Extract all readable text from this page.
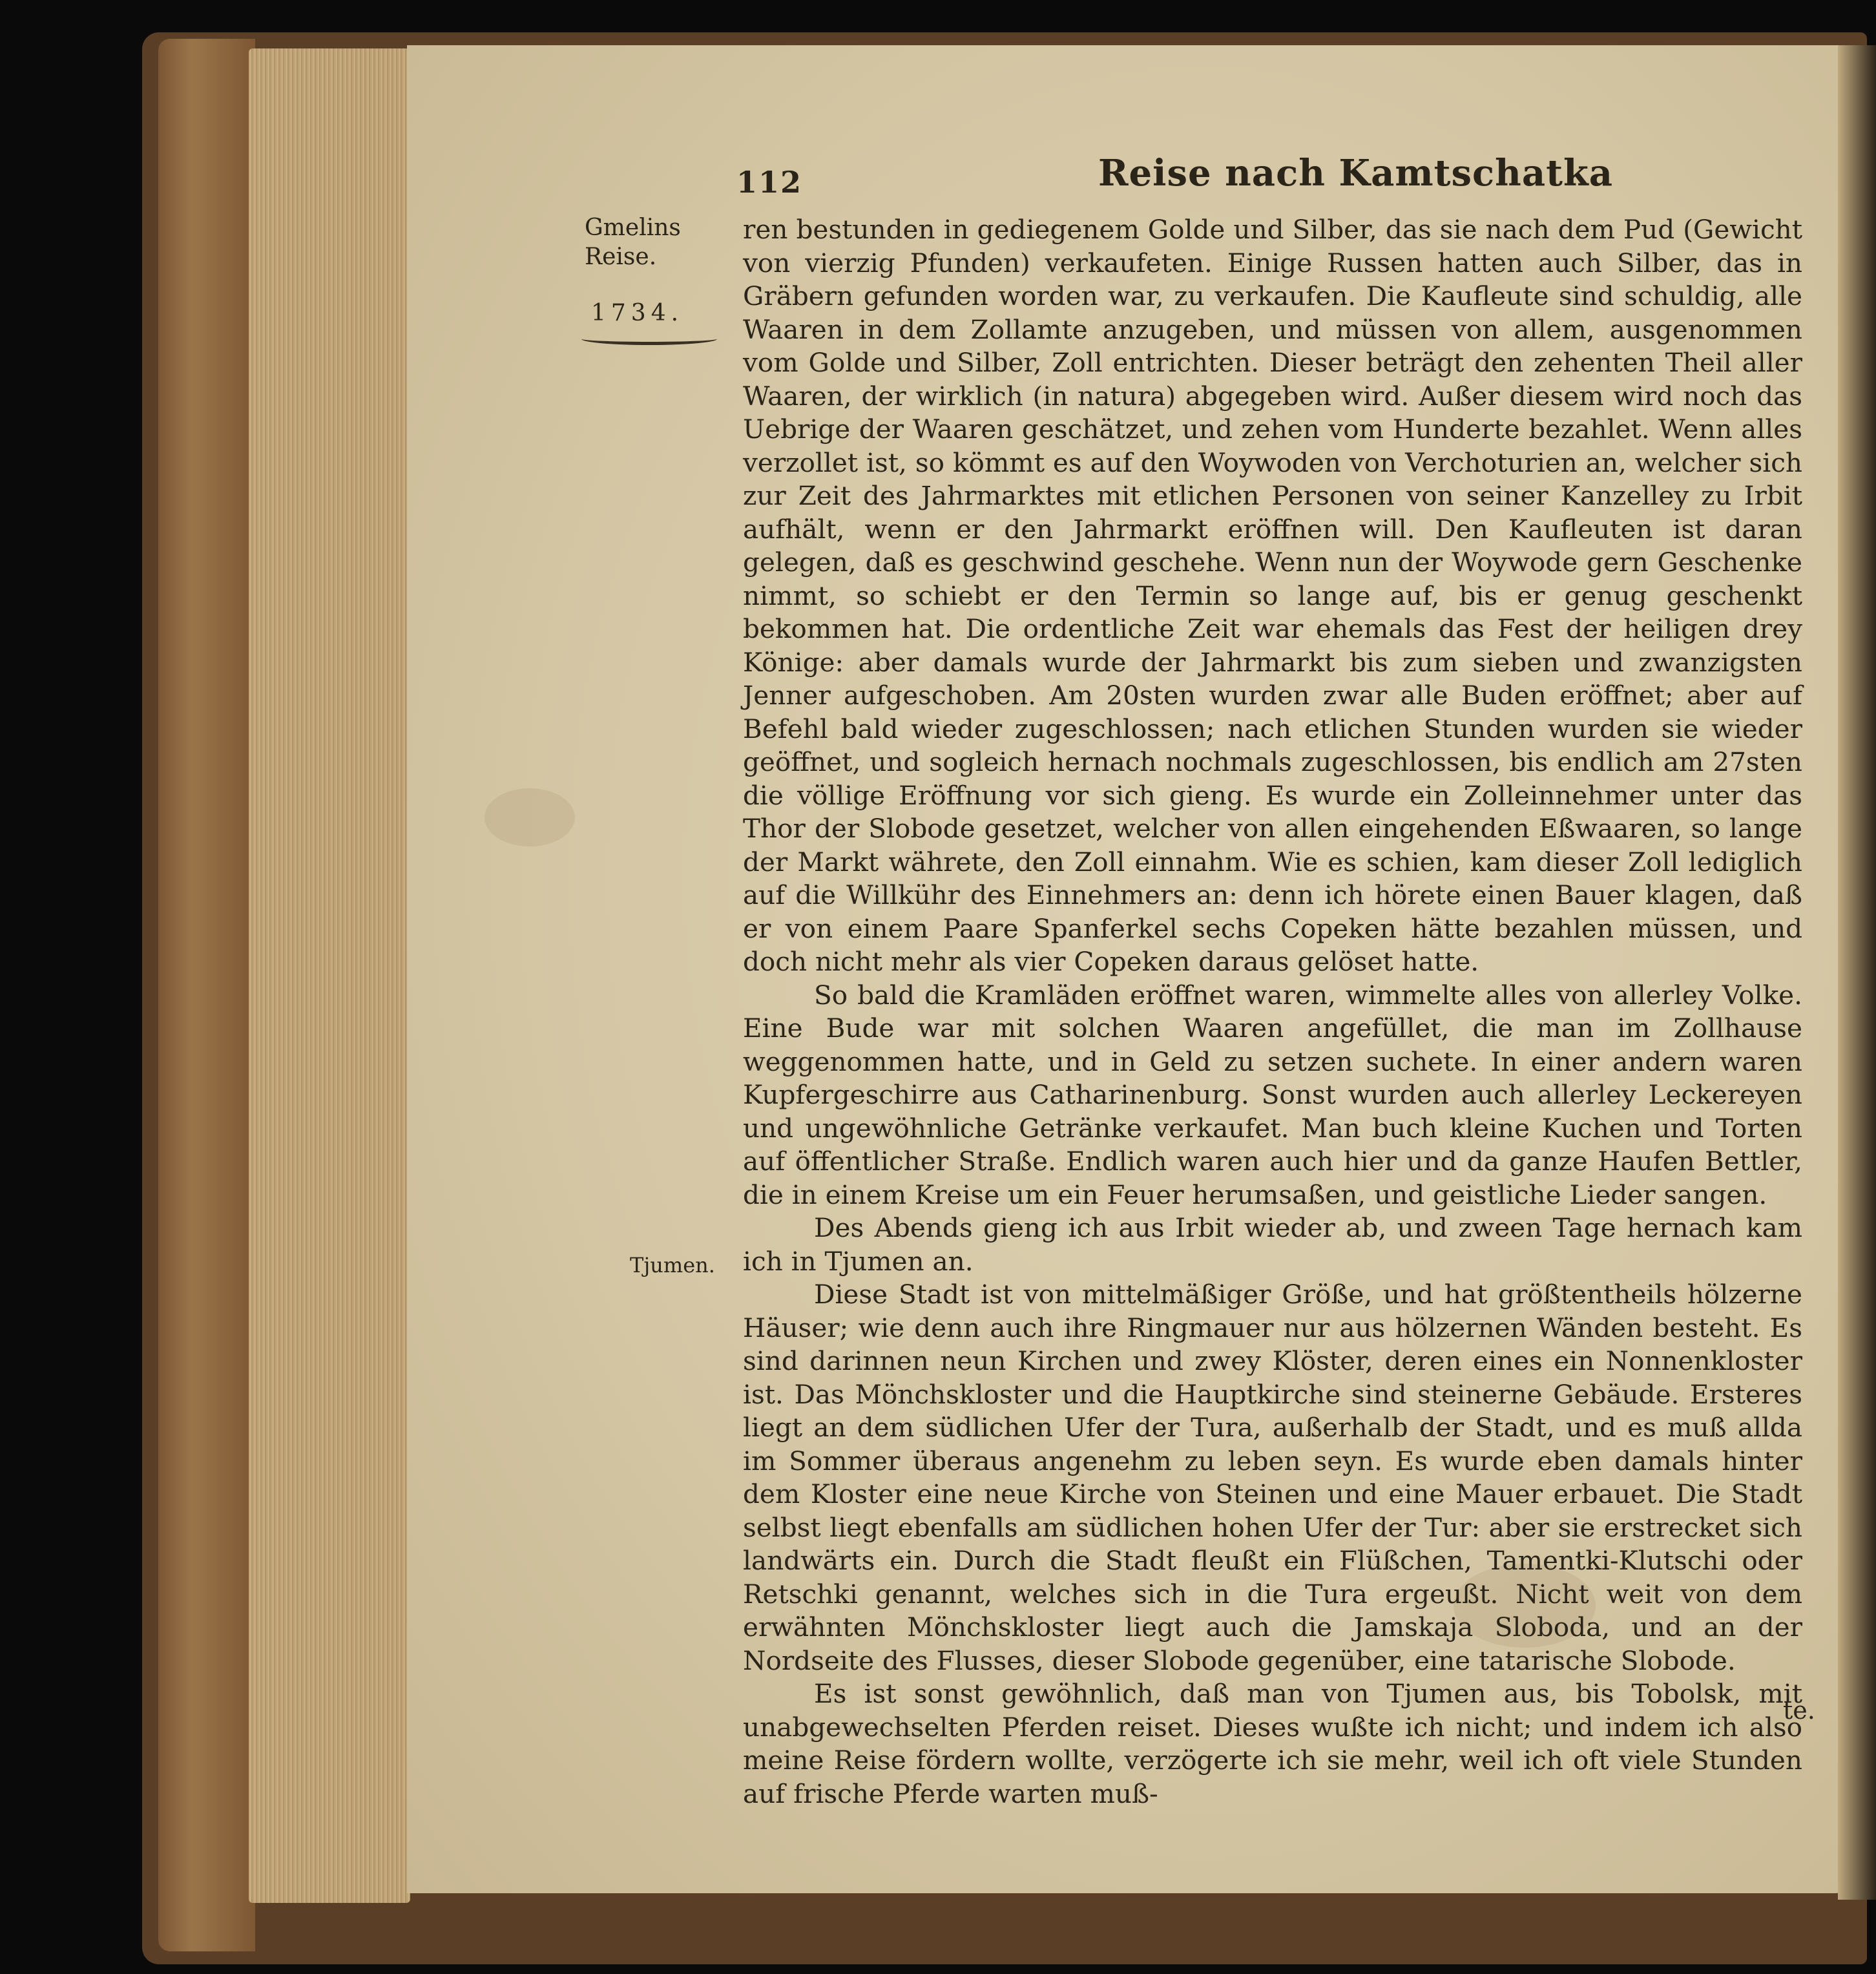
112	Reise nach Kamtschatka
Gmelins
Reise.
1734.
Tjumen.

ren bestunden in gediegenem Golde und Silber, das sie nach dem Pud (Gewicht von vierzig Pfunden) verkaufeten. Einige Russen hatten auch Silber, das in Gräbern gefunden worden war, zu verkaufen. Die Kaufleute sind schuldig, alle Waaren in dem Zollamte anzugeben, und müssen von allem, ausgenommen vom Golde und Silber, Zoll entrichten. Dieser beträgt den zehenten Theil aller Waaren, der wirklich (in natura) abgegeben wird. Außer diesem wird noch das Uebrige der Waaren geschätzet, und zehen vom Hunderte bezahlet. Wenn alles verzollet ist, so kömmt es auf den Woywoden von Verchoturien an, welcher sich zur Zeit des Jahrmarktes mit etlichen Personen von seiner Kanzelley zu Irbit aufhält, wenn er den Jahrmarkt eröffnen will. Den Kaufleuten ist daran gelegen, daß es geschwind geschehe. Wenn nun der Woywode gern Geschenke nimmt, so schiebt er den Termin so lange auf, bis er genug geschenkt bekommen hat. Die ordentliche Zeit war ehemals das Fest der heiligen drey Könige: aber damals wurde der Jahrmarkt bis zum sieben und zwanzigsten Jenner aufgeschoben. Am 20sten wurden zwar alle Buden eröffnet; aber auf Befehl bald wieder zugeschlossen; nach etlichen Stunden wurden sie wieder geöffnet, und sogleich hernach nochmals zugeschlossen, bis endlich am 27sten die völlige Eröffnung vor sich gieng. Es wurde ein Zolleinnehmer unter das Thor der Slobode gesetzet, welcher von allen eingehenden Eßwaaren, so lange der Markt währete, den Zoll einnahm. Wie es schien, kam dieser Zoll lediglich auf die Willkühr des Einnehmers an: denn ich hörete einen Bauer klagen, daß er von einem Paare Spanferkel sechs Copeken hätte bezahlen müssen, und doch nicht mehr als vier Copeken daraus gelöset hatte.

So bald die Kramläden eröffnet waren, wimmelte alles von allerley Volke. Eine Bude war mit solchen Waaren angefüllet, die man im Zollhause weggenommen hatte, und in Geld zu setzen suchete. In einer andern waren Kupfergeschirre aus Catharinenburg. Sonst wurden auch allerley Leckereyen und ungewöhnliche Getränke verkaufet. Man buch kleine Kuchen und Torten auf öffentlicher Straße. Endlich waren auch hier und da ganze Haufen Bettler, die in einem Kreise um ein Feuer herumsaßen, und geistliche Lieder sangen.

Des Abends gieng ich aus Irbit wieder ab, und zween Tage hernach kam ich in Tjumen an.

Diese Stadt ist von mittelmäßiger Größe, und hat größtentheils hölzerne Häuser; wie denn auch ihre Ringmauer nur aus hölzernen Wänden besteht. Es sind darinnen neun Kirchen und zwey Klöster, deren eines ein Nonnenkloster ist. Das Mönchskloster und die Hauptkirche sind steinerne Gebäude. Ersteres liegt an dem südlichen Ufer der Tura, außerhalb der Stadt, und es muß allda im Sommer überaus angenehm zu leben seyn. Es wurde eben damals hinter dem Kloster eine neue Kirche von Steinen und eine Mauer erbauet. Die Stadt selbst liegt ebenfalls am südlichen hohen Ufer der Tur: aber sie erstrecket sich landwärts ein. Durch die Stadt fleußt ein Flüßchen, Tamentki-Klutschi oder Retschki genannt, welches sich in die Tura ergeußt. Nicht weit von dem erwähnten Mönchskloster liegt auch die Jamskaja Sloboda, und an der Nordseite des Flusses, dieser Slobode gegenüber, eine tatarische Slobode.

Es ist sonst gewöhnlich, daß man von Tjumen aus, bis Tobolsk, mit unabgewechselten Pferden reiset. Dieses wußte ich nicht; und indem ich also meine Reise fördern wollte, verzögerte ich sie mehr, weil ich oft viele Stunden auf frische Pferde warten muß-

te.
